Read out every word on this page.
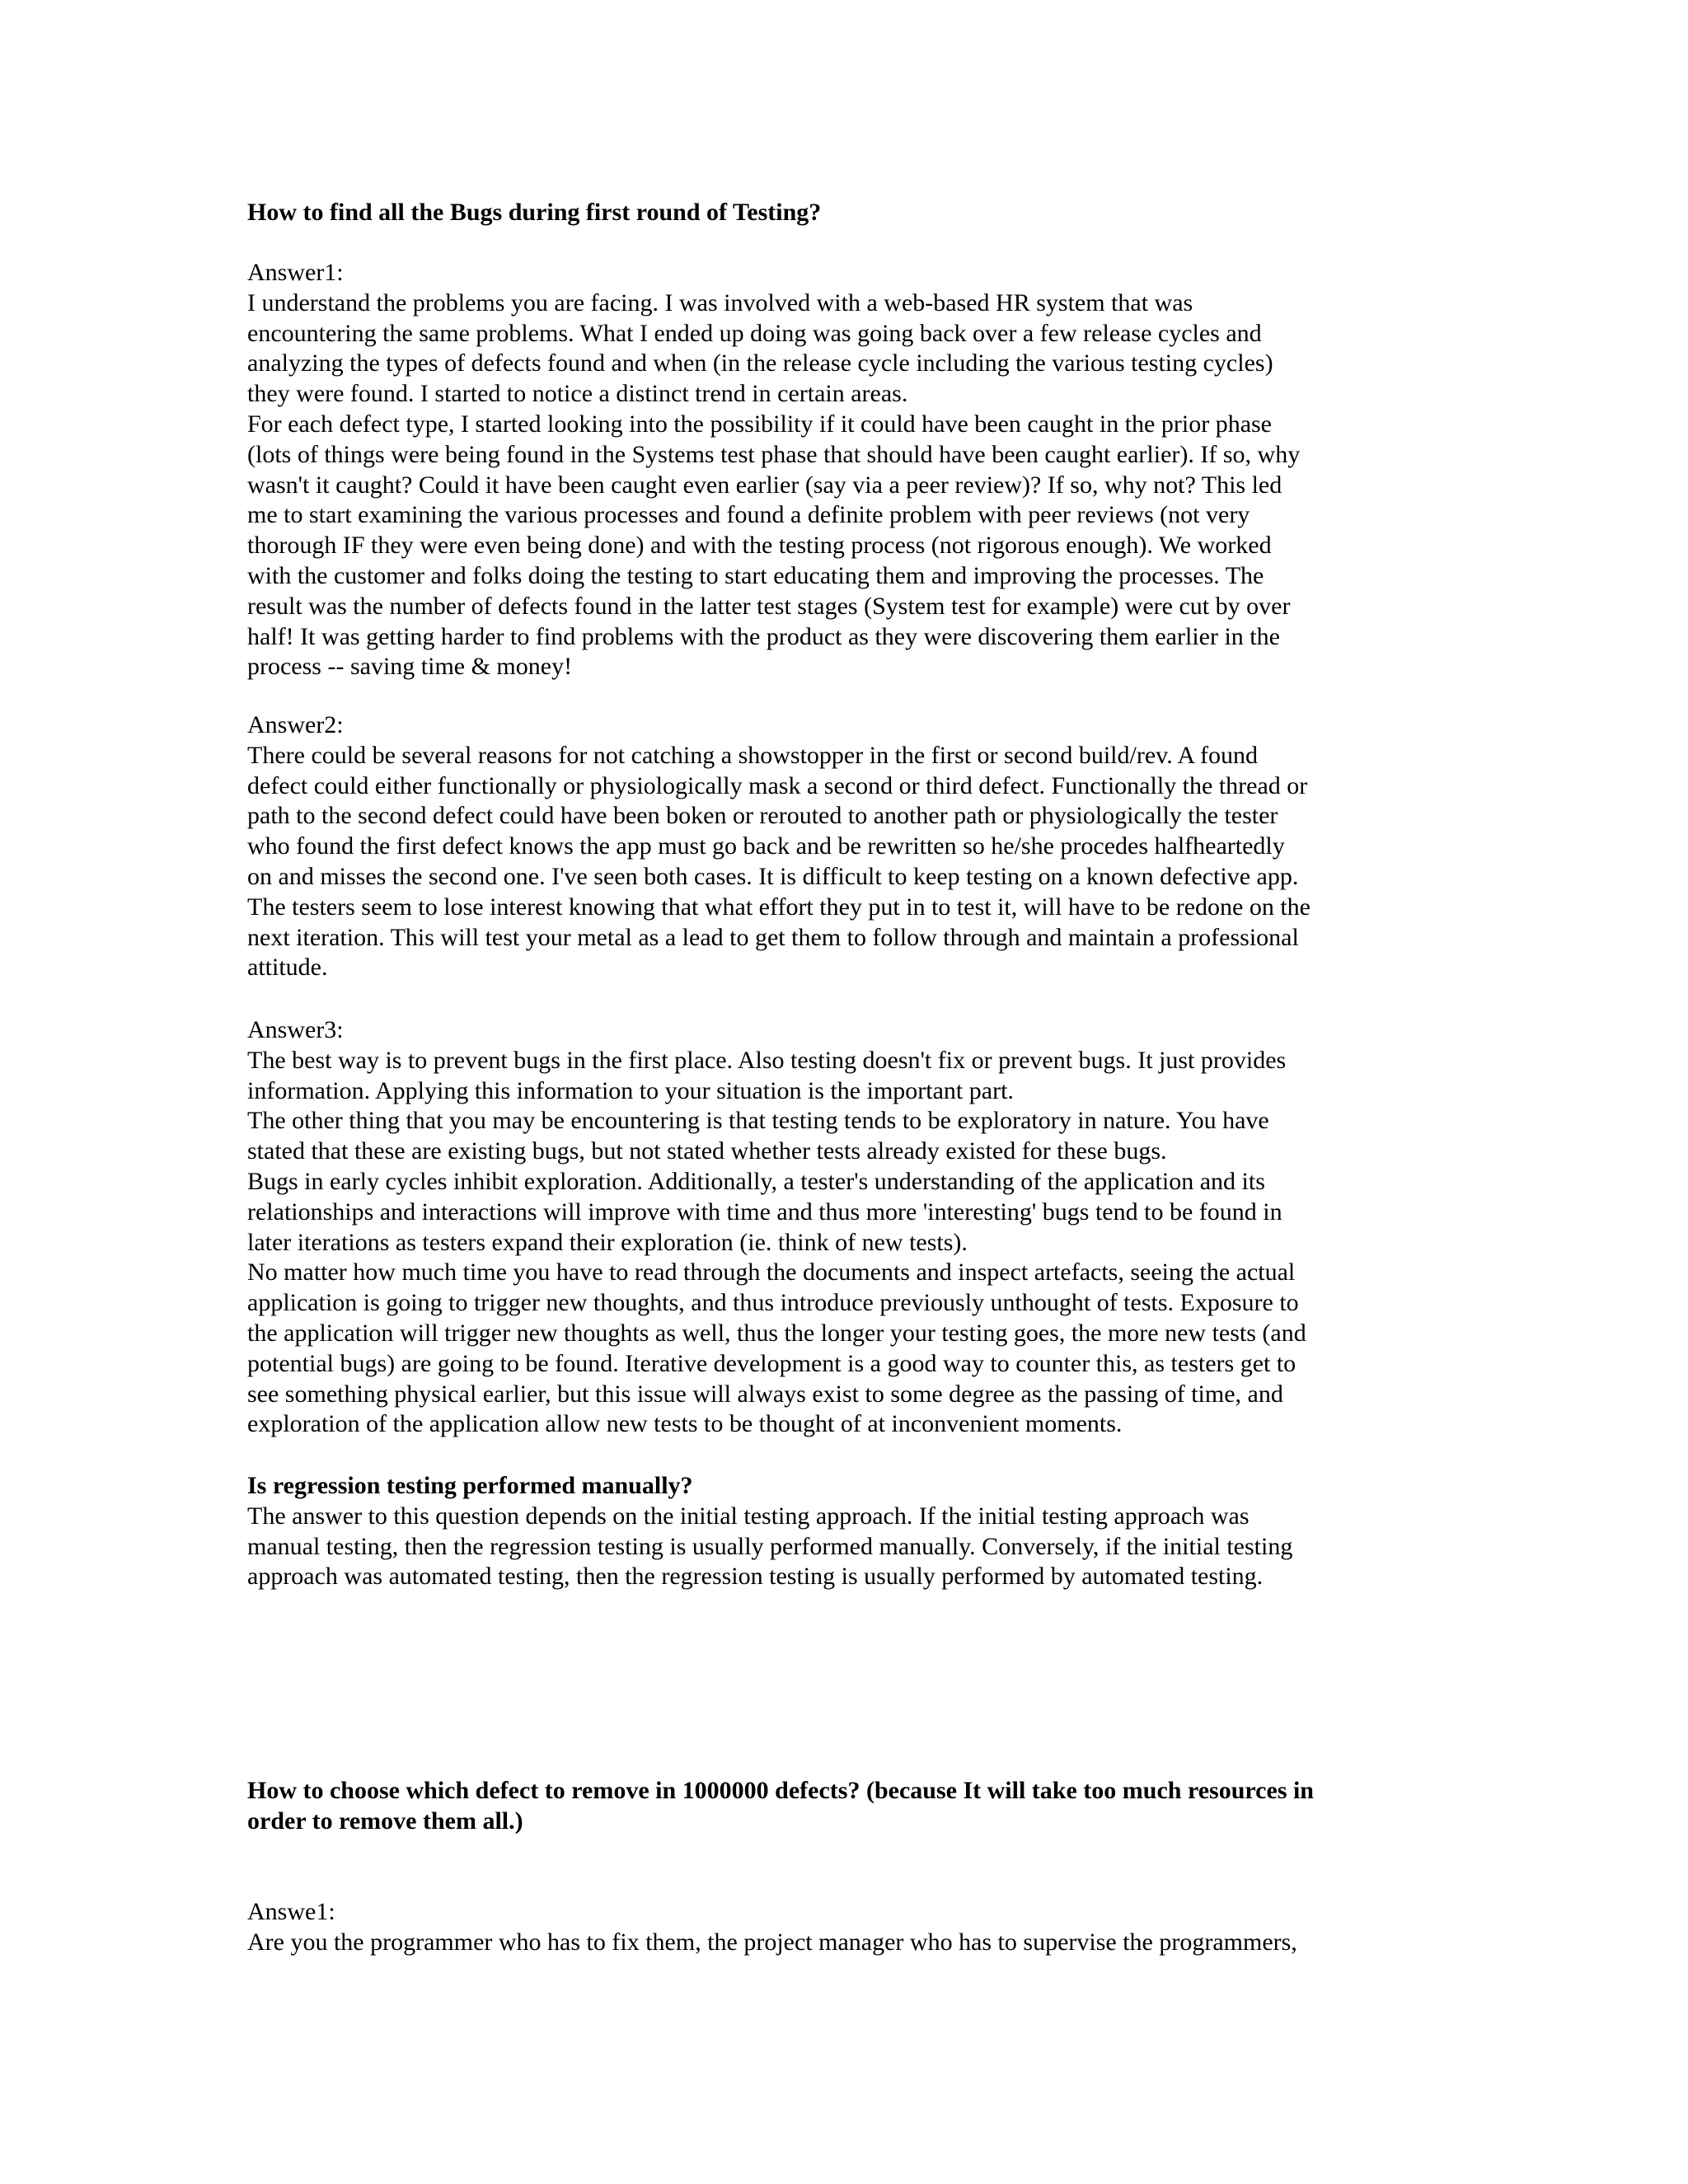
How to find all the Bugs during first round of Testing?
Answer1:
I understand the problems you are facing. I was involved with a web-based HR system that was
encountering the same problems. What I ended up doing was going back over a few release cycles and
analyzing the types of defects found and when (in the release cycle including the various testing cycles)
they were found. I started to notice a distinct trend in certain areas.
For each defect type, I started looking into the possibility if it could have been caught in the prior phase
(lots of things were being found in the Systems test phase that should have been caught earlier). If so, why
wasn't it caught? Could it have been caught even earlier (say via a peer review)? If so, why not? This led
me to start examining the various processes and found a definite problem with peer reviews (not very
thorough IF they were even being done) and with the testing process (not rigorous enough). We worked
with the customer and folks doing the testing to start educating them and improving the processes. The
result was the number of defects found in the latter test stages (System test for example) were cut by over
half! It was getting harder to find problems with the product as they were discovering them earlier in the
process -- saving time & money!
Answer2:
There could be several reasons for not catching a showstopper in the first or second build/rev. A found
defect could either functionally or physiologically mask a second or third defect. Functionally the thread or
path to the second defect could have been boken or rerouted to another path or physiologically the tester
who found the first defect knows the app must go back and be rewritten so he/she procedes halfheartedly
on and misses the second one. I've seen both cases. It is difficult to keep testing on a known defective app.
The testers seem to lose interest knowing that what effort they put in to test it, will have to be redone on the
next iteration. This will test your metal as a lead to get them to follow through and maintain a professional
attitude.
Answer3:
The best way is to prevent bugs in the first place. Also testing doesn't fix or prevent bugs. It just provides
information. Applying this information to your situation is the important part.
The other thing that you may be encountering is that testing tends to be exploratory in nature. You have
stated that these are existing bugs, but not stated whether tests already existed for these bugs.
Bugs in early cycles inhibit exploration. Additionally, a tester's understanding of the application and its
relationships and interactions will improve with time and thus more 'interesting' bugs tend to be found in
later iterations as testers expand their exploration (ie. think of new tests).
No matter how much time you have to read through the documents and inspect artefacts, seeing the actual
application is going to trigger new thoughts, and thus introduce previously unthought of tests. Exposure to
the application will trigger new thoughts as well, thus the longer your testing goes, the more new tests (and
potential bugs) are going to be found. Iterative development is a good way to counter this, as testers get to
see something physical earlier, but this issue will always exist to some degree as the passing of time, and
exploration of the application allow new tests to be thought of at inconvenient moments.
Is regression testing performed manually?
The answer to this question depends on the initial testing approach. If the initial testing approach was
manual testing, then the regression testing is usually performed manually. Conversely, if the initial testing
approach was automated testing, then the regression testing is usually performed by automated testing.
How to choose which defect to remove in 1000000 defects? (because It will take too much resources in
order to remove them all.)
Answe1:
Are you the programmer who has to fix them, the project manager who has to supervise the programmers,
